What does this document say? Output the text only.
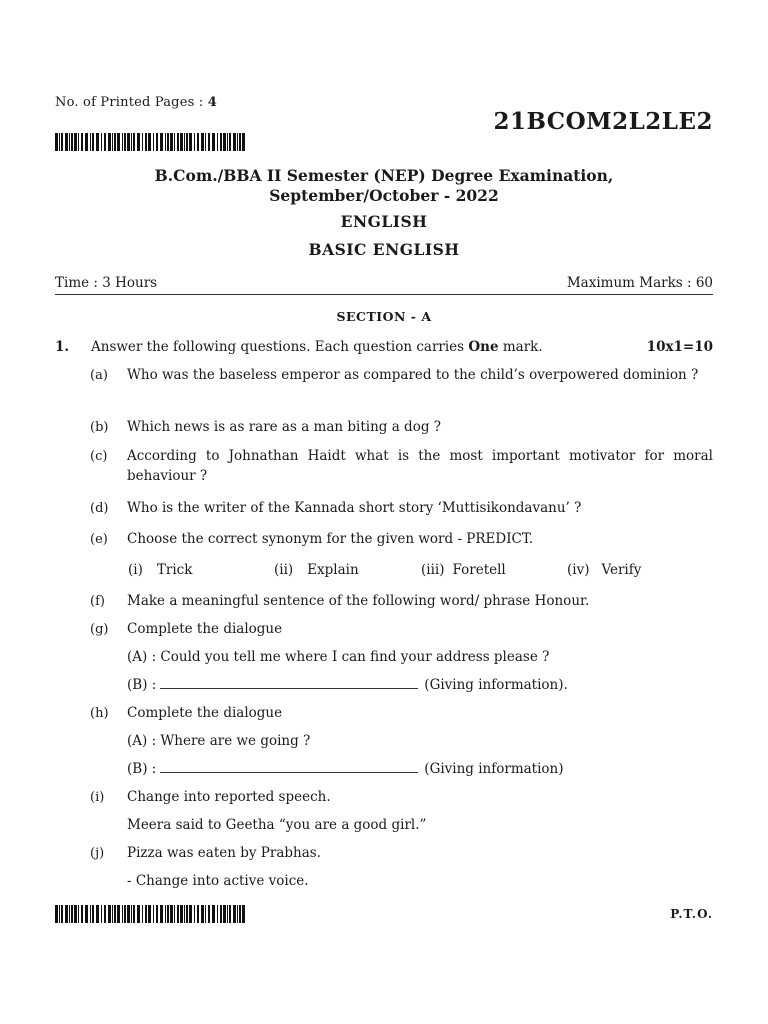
No. of Printed Pages : 4
21BCOM2L2LE2
B.Com./BBA II Semester (NEP) Degree Examination,
September/October - 2022
ENGLISH
BASIC ENGLISH
Time : 3 Hours	Maximum Marks : 60
SECTION - A
1. Answer the following questions. Each question carries One mark.	10x1=10
(a) Who was the baseless emperor as compared to the child’s overpowered dominion ?
(b) Which news is as rare as a man biting a dog ?
(c) According to Johnathan Haidt what is the most important motivator for moral behaviour ?
(d) Who is the writer of the Kannada short story ‘Muttisikondavanu’ ?
(e) Choose the correct synonym for the given word - PREDICT.
(i) Trick	(ii) Explain	(iii) Foretell	(iv) Verify
(f) Make a meaningful sentence of the following word/ phrase Honour.
(g) Complete the dialogue
(A) : Could you tell me where I can find your address please ?
(B) :	(Giving information).
(h) Complete the dialogue
(A) : Where are we going ?
(B) :	(Giving information)
(i) Change into reported speech.
Meera said to Geetha “you are a good girl.”
(j) Pizza was eaten by Prabhas.
- Change into active voice.
P.T.O.
